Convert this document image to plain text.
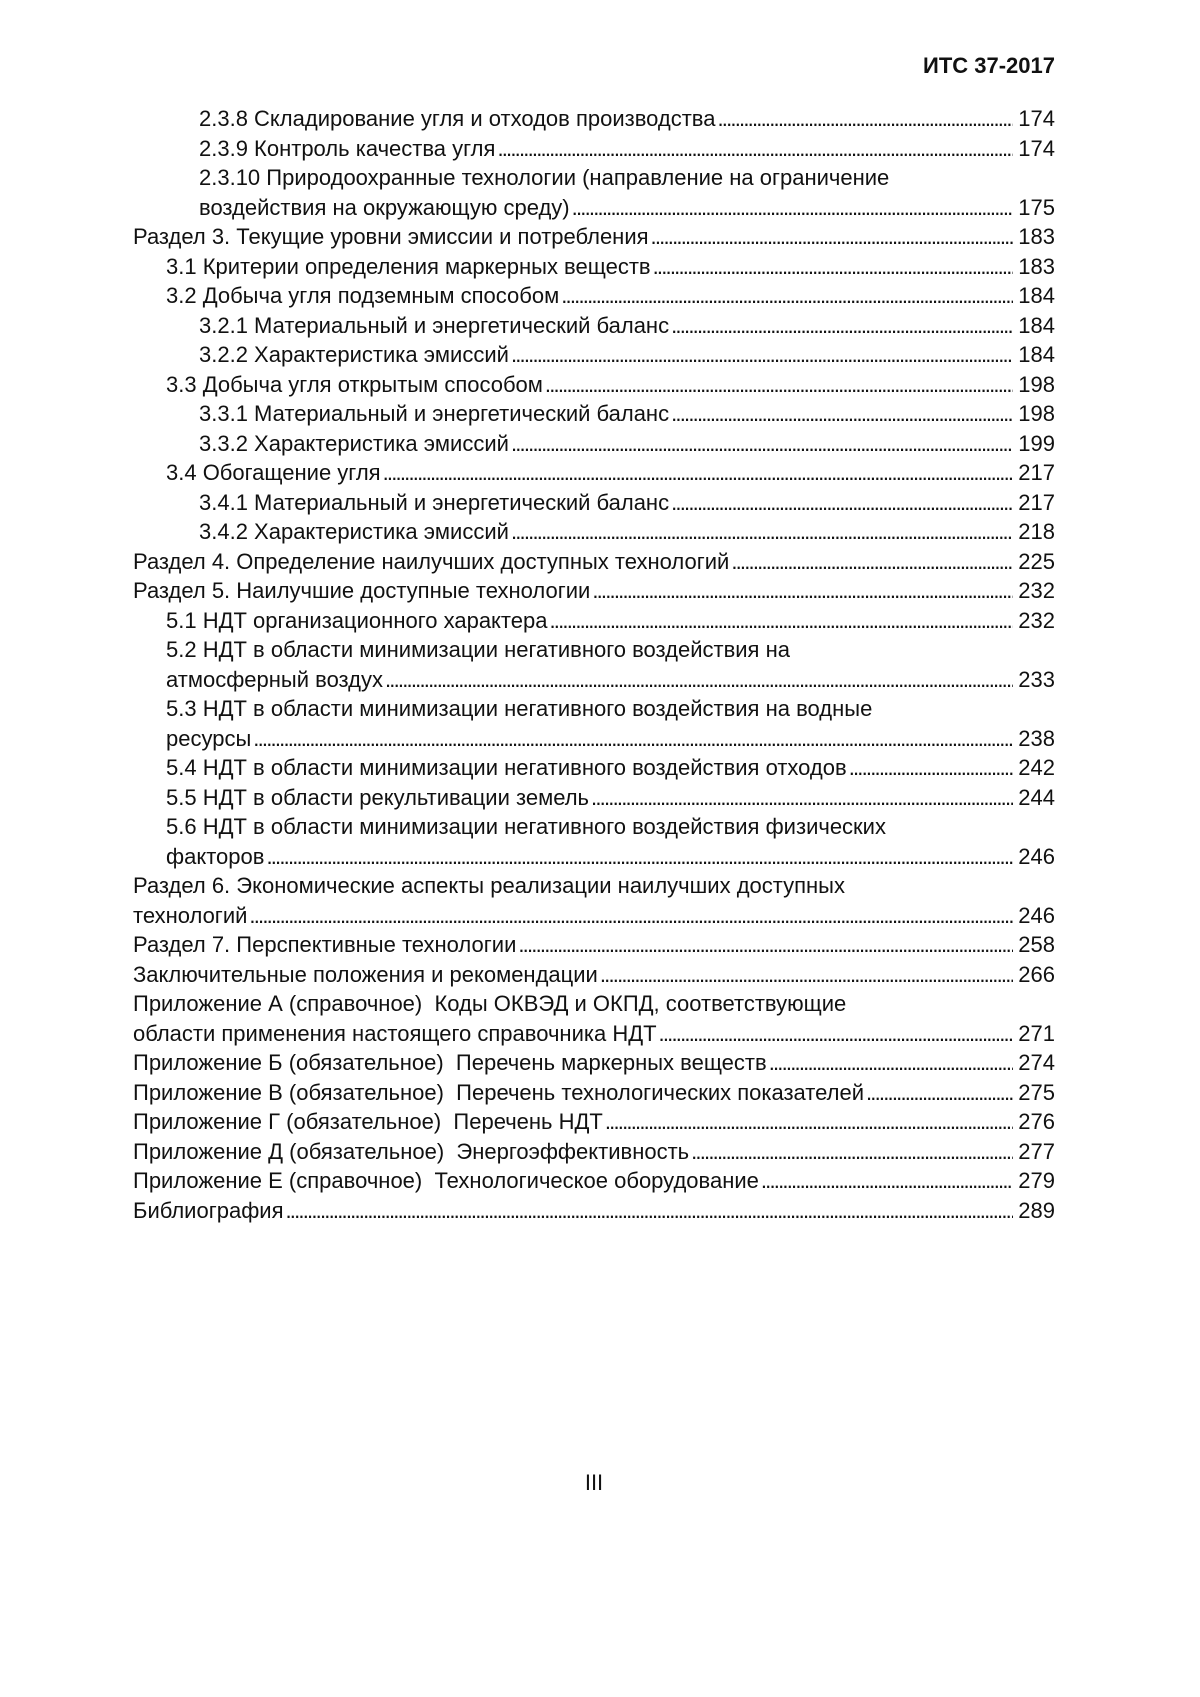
ИТС 37-2017
2.3.8 Складирование угля и отходов производства .....	174
2.3.9 Контроль качества угля .....	174
2.3.10 Природоохранные технологии (направление на ограничение
воздействия на окружающую среду) .....	175
Раздел 3. Текущие уровни эмиссии и потребления .....	183
3.1 Критерии определения маркерных веществ .....	183
3.2 Добыча угля подземным способом .....	184
3.2.1 Материальный и энергетический баланс .....	184
3.2.2 Характеристика эмиссий .....	184
3.3 Добыча угля открытым способом .....	198
3.3.1 Материальный и энергетический баланс .....	198
3.3.2 Характеристика эмиссий .....	199
3.4 Обогащение угля .....	217
3.4.1 Материальный и энергетический баланс .....	217
3.4.2 Характеристика эмиссий .....	218
Раздел 4. Определение наилучших доступных технологий .....	225
Раздел 5. Наилучшие доступные технологии .....	232
5.1 НДТ организационного характера .....	232
5.2 НДТ в области минимизации негативного воздействия на
атмосферный воздух .....	233
5.3 НДТ в области минимизации негативного воздействия на водные
ресурсы .....	238
5.4 НДТ в области минимизации негативного воздействия отходов .....	242
5.5 НДТ в области рекультивации земель .....	244
5.6 НДТ в области минимизации негативного воздействия физических
факторов .....	246
Раздел 6. Экономические аспекты реализации наилучших доступных
технологий .....	246
Раздел 7. Перспективные технологии .....	258
Заключительные положения и рекомендации .....	266
Приложение А (справочное)  Коды ОКВЭД и ОКПД, соответствующие
области применения настоящего справочника НДТ .....	271
Приложение Б (обязательное)  Перечень маркерных веществ .....	274
Приложение В (обязательное)  Перечень технологических показателей .....	275
Приложение Г (обязательное)  Перечень НДТ .....	276
Приложение Д (обязательное)  Энергоэффективность .....	277
Приложение Е (справочное)  Технологическое оборудование .....	279
Библиография .....	289
III
